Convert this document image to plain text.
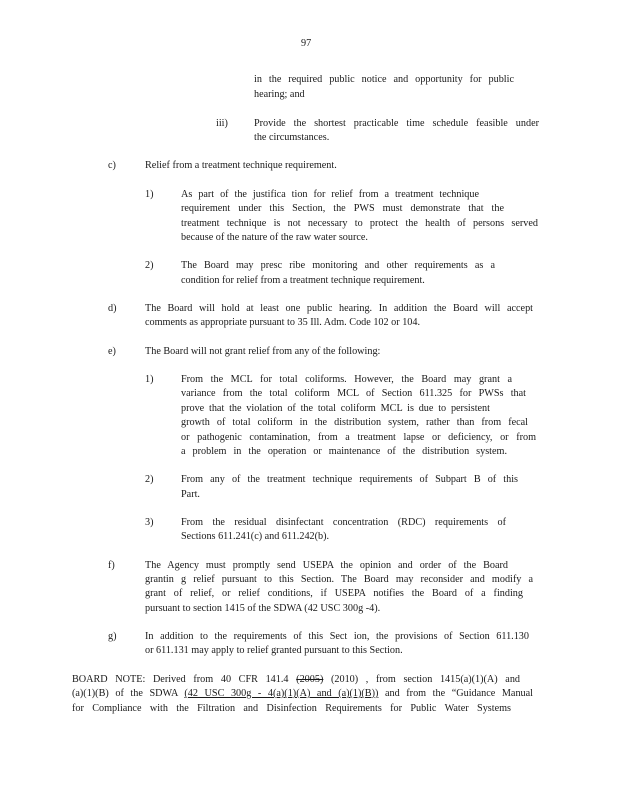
97
in the required public notice and opportunity for public
hearing; and
iii)	Provide the shortest practicable time schedule feasible under
the circumstances.
c)	Relief from a treatment technique requirement.
1)	As part of the justifica tion for relief from a treatment technique
requirement under this Section, the PWS must demonstrate that the
treatment technique is not necessary to protect the health of persons served
because of the nature of the raw water source.
2)	The Board may presc ribe monitoring and other requirements as a
condition for relief from a treatment technique requirement.
d)	The Board will hold at least one public hearing. In addition the Board will accept
comments as appropriate pursuant to 35 Ill. Adm. Code 102 or 104.
e)	The Board will not grant relief from any of the following:
1)	From the MCL for total coliforms. However, the Board may grant a
variance from the total coliform MCL of Section 611.325 for PWSs that
prove that the violation of the total coliform MCL is due to persistent
growth of total coliform in the distribution system, rather than from fecal
or pathogenic contamination, from a treatment lapse or deficiency, or from
a problem in the operation or maintenance of the distribution system.
2)	From any of the treatment technique requirements of Subpart B of this
Part.
3)	From the residual disinfectant concentration (RDC) requirements of
Sections 611.241(c) and 611.242(b).
f)	The Agency must promptly send USEPA the opinion and order of the Board
grantin g relief pursuant to this Section. The Board may reconsider and modify a
grant of relief, or relief conditions, if USEPA notifies the Board of a finding
pursuant to section 1415 of the SDWA (42 USC 300g -4).
g)	In addition to the requirements of this Sect ion, the provisions of Section 611.130
or 611.131 may apply to relief granted pursuant to this Section.
BOARD NOTE: Derived from 40 CFR 141.4 (2005) (2010) , from section 1415(a)(1)(A) and
(a)(1)(B) of the SDWA (42 USC 300g - 4(a)(1)(A) and (a)(1)(B)) and from the “Guidance Manual
for Compliance with the Filtration and Disinfection Requirements for Public Water Systems
